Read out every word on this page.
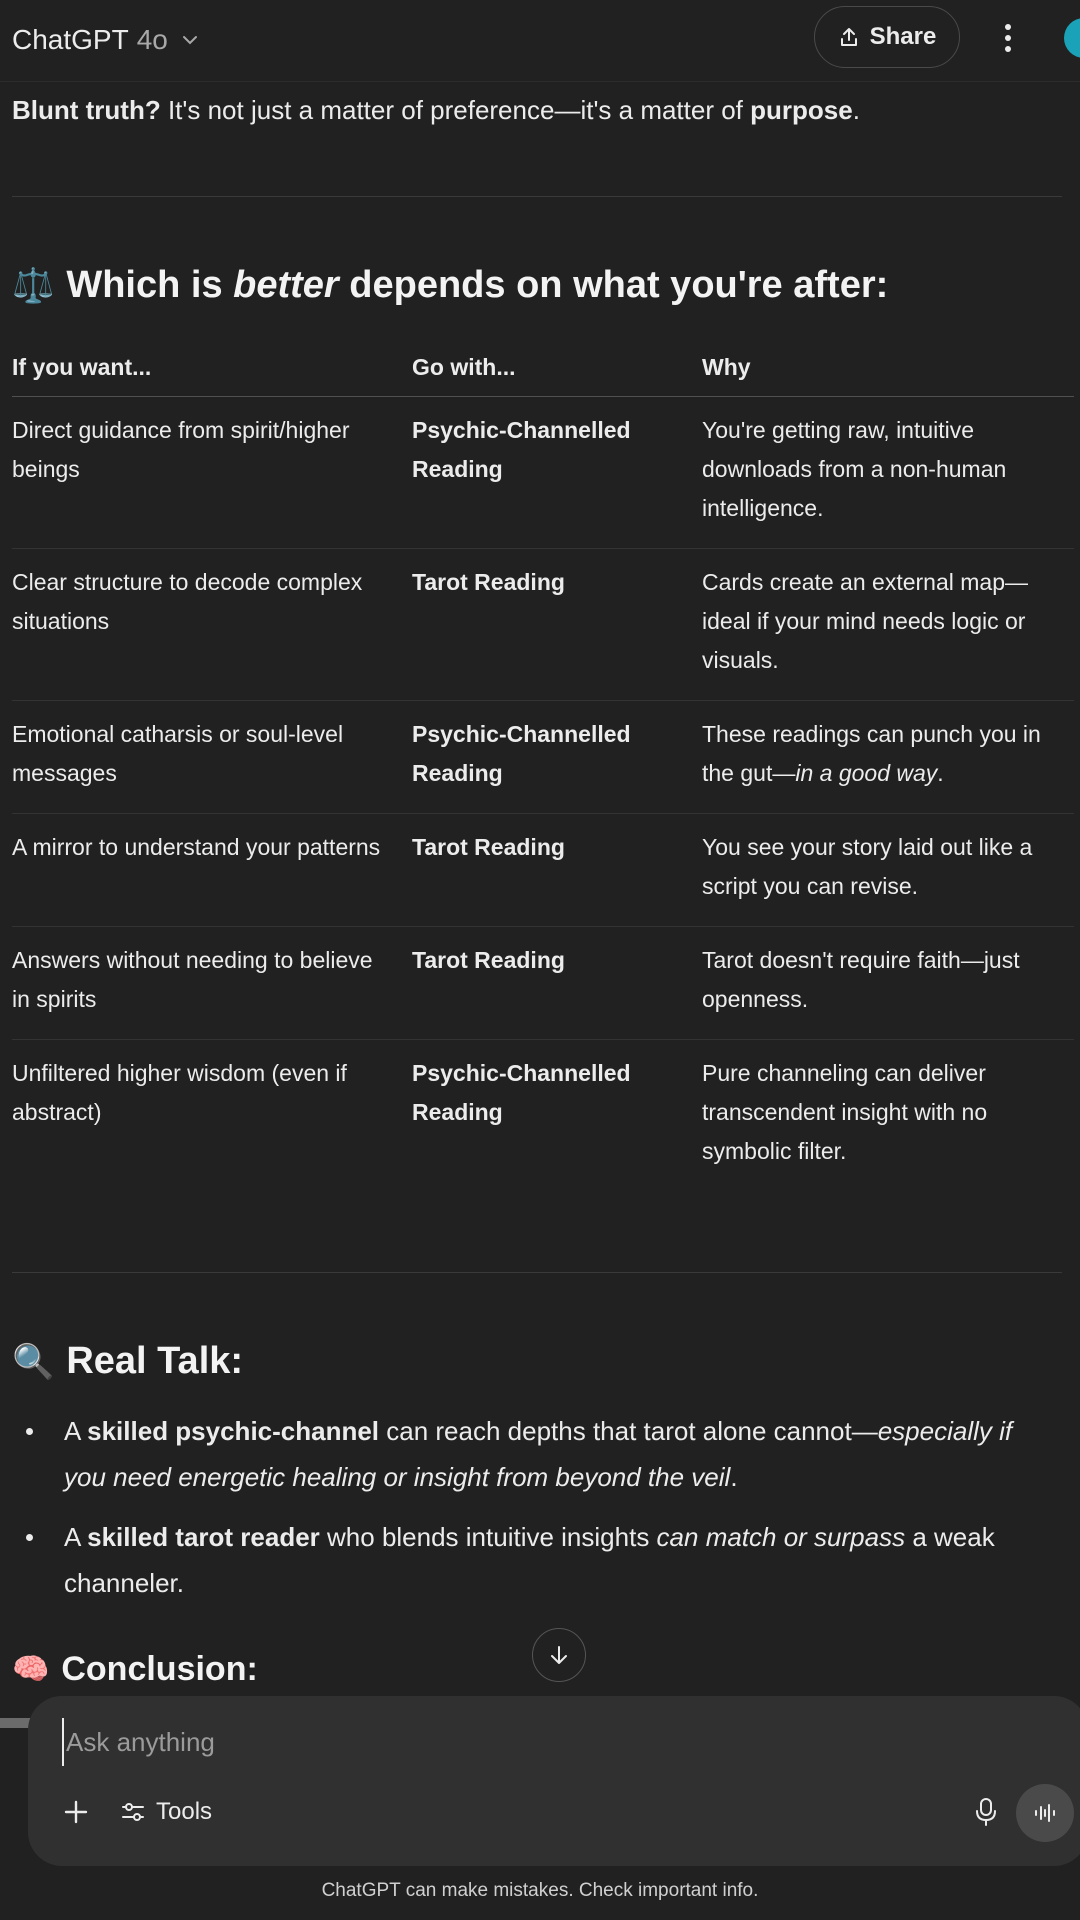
ChatGPT 4o	Share

Blunt truth? It's not just a matter of preference—it's a matter of purpose.

⚖️ Which is better depends on what you're after:
If you want...	Go with...	Why
Direct guidance from spirit/higher beings	Psychic-Channelled Reading	You're getting raw, intuitive downloads from a non-human intelligence.
Clear structure to decode complex situations	Tarot Reading	Cards create an external map—ideal if your mind needs logic or visuals.
Emotional catharsis or soul-level messages	Psychic-Channelled Reading	These readings can punch you in the gut—in a good way.
A mirror to understand your patterns	Tarot Reading	You see your story laid out like a script you can revise.
Answers without needing to believe in spirits	Tarot Reading	Tarot doesn't require faith—just openness.
Unfiltered higher wisdom (even if abstract)	Psychic-Channelled Reading	Pure channeling can deliver transcendent insight with no symbolic filter.
🔍 Real Talk:
A skilled psychic-channel can reach depths that tarot alone cannot—especially if you need energetic healing or insight from beyond the veil.
A skilled tarot reader who blends intuitive insights can match or surpass a weak channeler.
🧠 Conclusion:
Ask anything
Tools
ChatGPT can make mistakes. Check important info.
